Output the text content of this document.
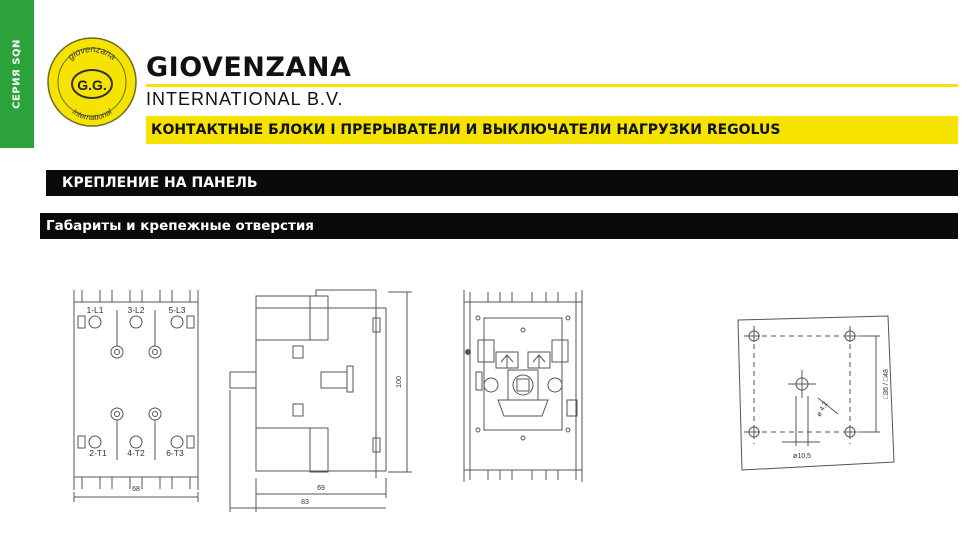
СЕРИЯ SQN	G.G.
giovenzana
International
GIOVENZANA
INTERNATIONAL B.V.
КОНТАКТНЫЕ БЛОКИ I ПРЕРЫВАТЕЛИ И ВЫКЛЮЧАТЕЛИ НАГРУЗКИ REGOLUS
КРЕПЛЕНИЕ НА ПАНЕЛЬ
Габариты и крепежные отверстия
1-L1	3-L2	5-L3
2-T1 4-T2	6-T3
68	69
83
100
ø 4,2
ø10,5
□36 / □48
